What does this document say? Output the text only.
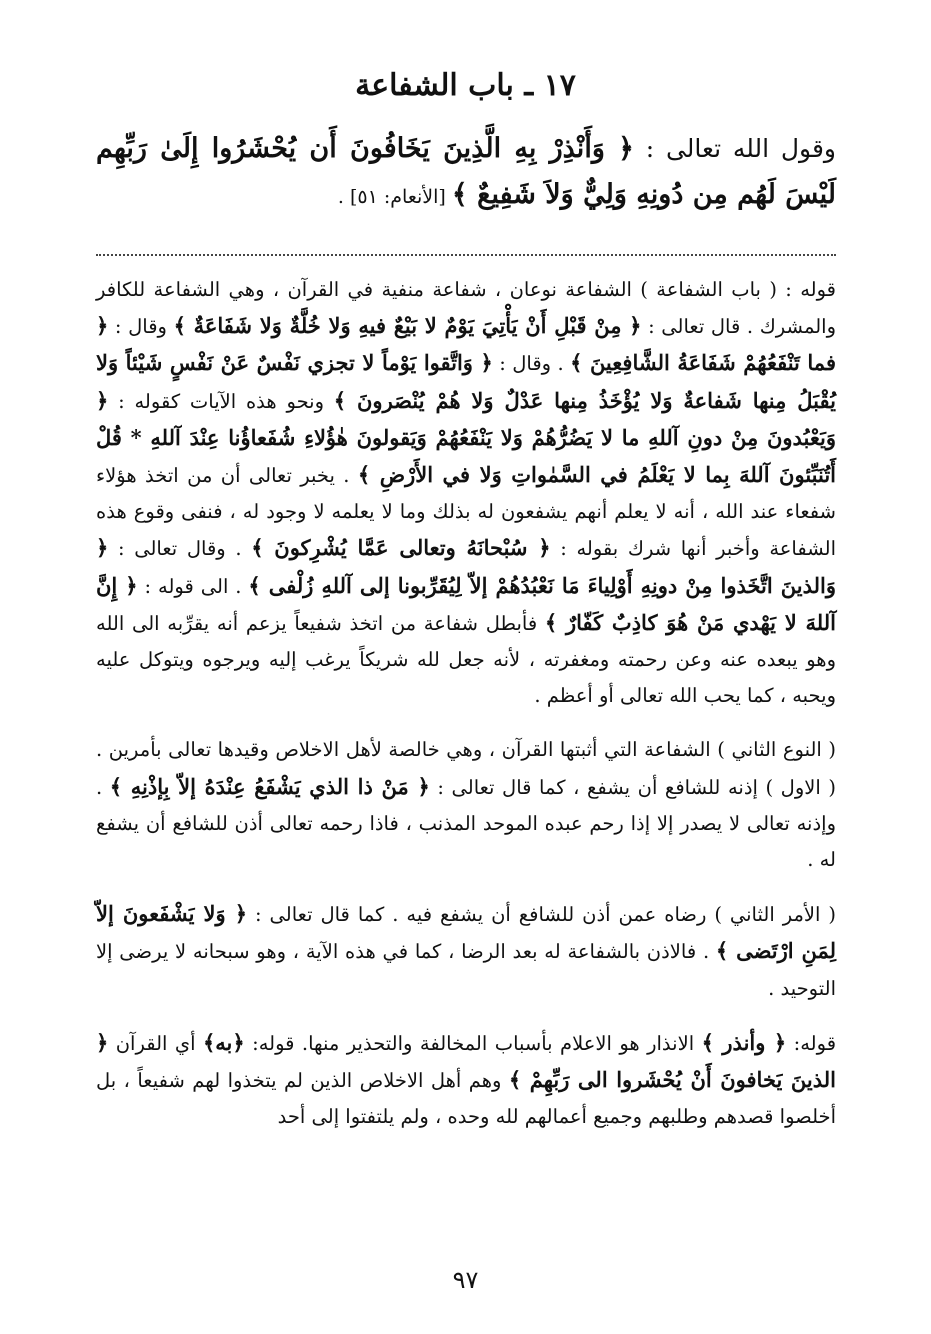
١٧ ـ باب الشفاعة
وقول الله تعالى : ﴿ وَأَنْذِرْ بِهِ الَّذِينَ يَخَافُونَ أَن يُحْشَرُوا إِلَىٰ رَبِّهِم لَيْسَ لَهُم مِن دُونِهِ وَلِيٌّ وَلاَ شَفِيعٌ ﴾ [الأنعام: ٥١] .

قوله : ( باب الشفاعة ) الشفاعة نوعان ، شفاعة منفية في القرآن ، وهي الشفاعة للكافر والمشرك . قال تعالى : ﴿ مِنْ قَبْلِ أَنْ يَأْتِيَ يَوْمٌ لا بَيْعٌ فيهِ وَلا خُلَّةٌ وَلا شَفَاعَةٌ ﴾ وقال : ﴿ فما تَنْفَعُهُمْ شَفَاعَةُ الشَّافِعِينَ ﴾ . وقال : ﴿ وَاتَّقوا يَوْماً لا تجزي نَفْسٌ عَنْ نَفْسٍ شَيْئاً وَلا يُقْبَلُ مِنها شَفاعةٌ وَلا يُؤْخَذُ مِنها عَدْلٌ وَلا هُمْ يُنْصَرونَ ﴾ ونحو هذه الآيات كقوله : ﴿ وَيَعْبُدونَ مِنْ دونِ آللهِ ما لا يَضُرُّهُمْ وَلا يَنْفَعُهُمْ وَيَقولونَ هٰؤُلاءِ شُفَعاؤُنا عِنْدَ آللهِ * قُلْ أَتُنَبِّئونَ آللهَ بِما لا يَعْلَمُ في السَّمٰواتِ وَلا في الأَرْضِ ﴾ . يخبر تعالى أن من اتخذ هؤلاء شفعاء عند الله ، أنه لا يعلم أنهم يشفعون له بذلك وما لا يعلمه لا وجود له ، فنفى وقوع هذه الشفاعة وأخبر أنها شرك بقوله : ﴿ سُبْحانَهُ وتعالى عَمَّا يُشْرِكونَ ﴾ . وقال تعالى : ﴿ وَالذينَ اتَّخَذوا مِنْ دونِهِ أَوْلِياءَ مَا نَعْبُدُهُمْ إلاّ لِيُقَرِّبونا إلى آللهِ زُلْفى ﴾ . الى قوله : ﴿ إِنَّ آللهَ لا يَهْدي مَنْ هُوَ كاذِبٌ كَفّارٌ ﴾ فأبطل شفاعة من اتخذ شفيعاً يزعم أنه يقرِّبه الى الله وهو يبعده عنه وعن رحمته ومغفرته ، لأنه جعل لله شريكاً يرغب إليه ويرجوه ويتوكل عليه ويحبه ، كما يحب الله تعالى أو أعظم .

( النوع الثاني ) الشفاعة التي أثبتها القرآن ، وهي خالصة لأهل الاخلاص وقيدها تعالى بأمرين . ( الاول ) إذنه للشافع أن يشفع ، كما قال تعالى : ﴿ مَنْ ذا الذي يَشْفَعُ عِنْدَهُ إلاّ بِإذْنِهِ ﴾ . وإذنه تعالى لا يصدر إلا إذا رحم عبده الموحد المذنب ، فاذا رحمه تعالى أذن للشافع أن يشفع له .

( الأمر الثاني ) رضاه عمن أذن للشافع أن يشفع فيه . كما قال تعالى : ﴿ وَلا يَشْفَعونَ إلاّ لِمَنِ ارْتَضى ﴾ . فالاذن بالشفاعة له بعد الرضا ، كما في هذه الآية ، وهو سبحانه لا يرضى إلا التوحيد .

قوله: ﴿ وأنذر ﴾ الانذار هو الاعلام بأسباب المخالفة والتحذير منها. قوله: ﴿به﴾ أي القرآن ﴿ الذينَ يَخافونَ أَنْ يُحْشَروا الى رَبِّهِمْ ﴾ وهم أهل الاخلاص الذين لم يتخذوا لهم شفيعاً ، بل أخلصوا قصدهم وطلبهم وجميع أعمالهم لله وحده ، ولم يلتفتوا إلى أحد

٩٧
